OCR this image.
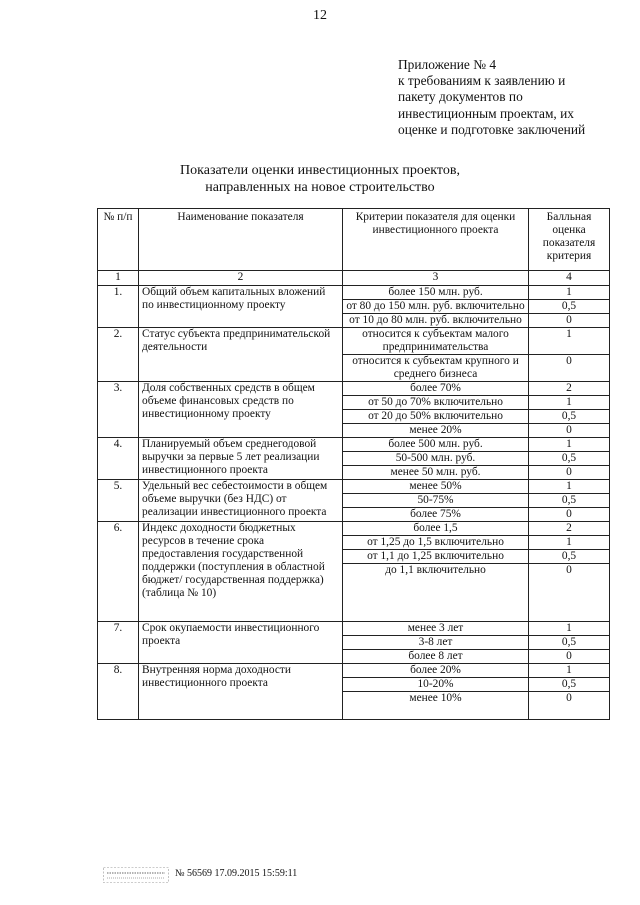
12
Приложение № 4
к требованиям к заявлению и
пакету документов по
инвестиционным проектам, их
оценке и подготовке заключений
Показатели оценки инвестиционных проектов,
направленных на новое строительство
№ п/п	Наименование показателя	Критерии показателя для оценки инвестиционного проекта	Балльная оценка показателя критерия
1	2	3	4
1.	Общий объем капитальных вложений по инвестиционному проекту	более 150 млн. руб.	1
		от 80 до 150 млн. руб. включительно	0,5
		от 10 до 80 млн. руб. включительно	0
2.	Статус субъекта предпринимательской деятельности	относится к субъектам малого предпринимательства	1
		относится к субъектам крупного и среднего бизнеса	0
3.	Доля собственных средств в общем объеме финансовых средств по инвестиционному проекту	более 70%	2
		от 50 до 70% включительно	1
		от 20 до 50% включительно	0,5
		менее 20%	0
4.	Планируемый объем среднегодовой выручки за первые 5 лет реализации инвестиционного проекта	более 500 млн. руб.	1
		50-500 млн. руб.	0,5
		менее 50 млн. руб.	0
5.	Удельный вес себестоимости в общем объеме выручки (без НДС) от реализации инвестиционного проекта	менее 50%	1
		50-75%	0,5
		более 75%	0
6.	Индекс доходности бюджетных ресурсов в течение срока предоставления государственной поддержки (поступления в областной бюджет/ государственная поддержка) (таблица № 10)	более 1,5	2
		от 1,25 до 1,5 включительно	1
		от 1,1 до 1,25 включительно	0,5
		до 1,1 включительно	0
7.	Срок окупаемости инвестиционного проекта	менее 3 лет	1
		3-8 лет	0,5
		более 8 лет	0
8.	Внутренняя норма доходности инвестиционного проекта	более 20%	1
		10-20%	0,5
		менее 10%	0
№ 56569 17.09.2015 15:59:11
